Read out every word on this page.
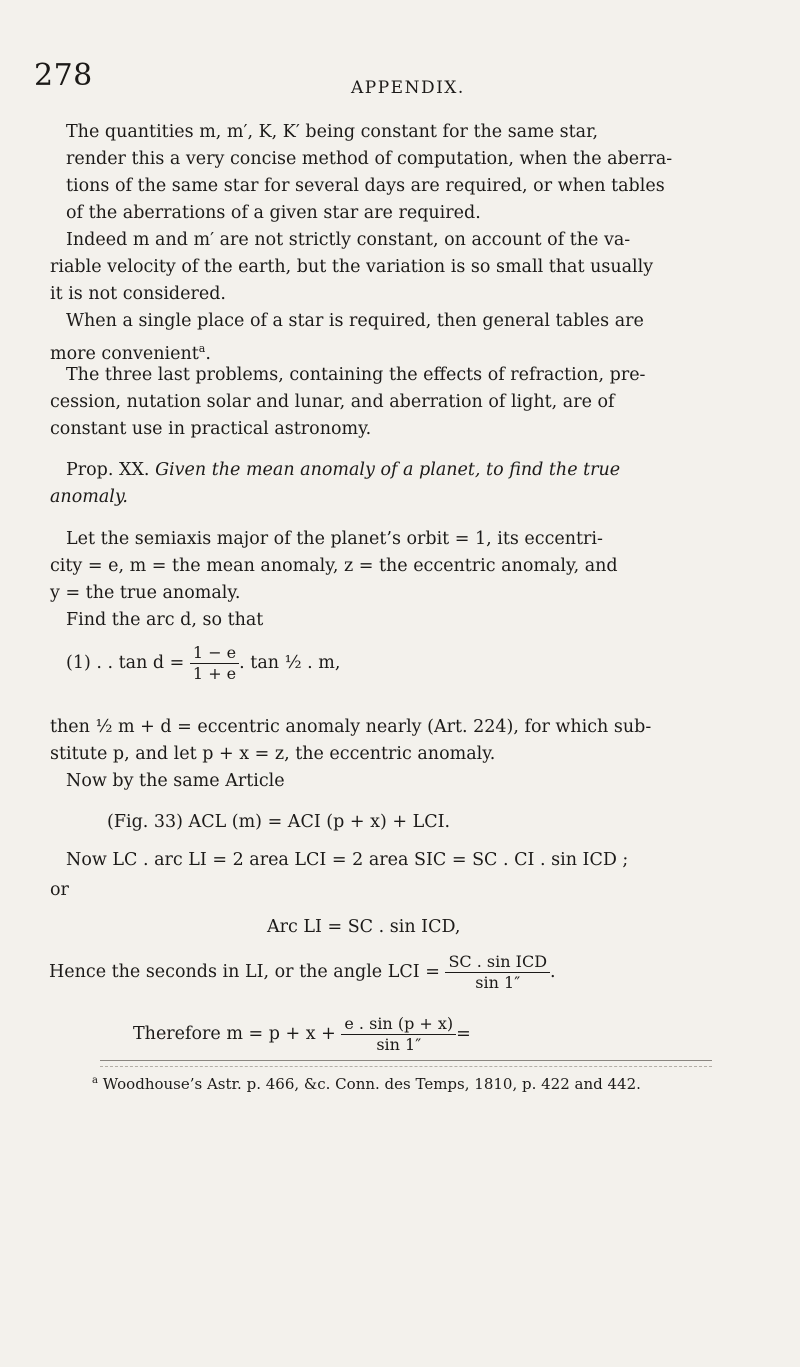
278	APPENDIX.
The quantities m, m′, K, K′ being constant for the same star,
render this a very concise method of computation, when the aberra-
tions of the same star for several days are required, or when tables
of the aberrations of a given star are required.
Indeed m and m′ are not strictly constant, on account of the va-
riable velocity of the earth, but the variation is so small that usually
it is not considered.
When a single place of a star is required, then general tables are
more convenient$^a$.
The three last problems, containing the effects of refraction, pre-
cession, nutation solar and lunar, and aberration of light, are of
constant use in practical astronomy.
Prop. XX. Given the mean anomaly of a planet, to find the true
anomaly.
Let the semiaxis major of the planet’s orbit = 1, its eccentri-
city = e, m = the mean anomaly, z = the eccentric anomaly, and
y = the true anomaly.
Find the arc d, so that
(1) . . $\tan d = \frac{1 - e}{1 + e}$ . tan ½ . m,
then ½ m + d = eccentric anomaly nearly (Art. 224), for which sub-
stitute p, and let p + x = z, the eccentric anomaly.
Now by the same Article
(Fig. 33) ACL (m) = ACI (p + x) + LCI.
Now LC . arc LI = 2 area LCI = 2 area SIC = SC . CI . sin ICD ;
or
Arc LI = SC . sin ICD,
Hence the seconds in LI, or the angle LCI = $\frac{\text{SC . sin ICD}}{\sin 1''}$ .
Therefore $m = p + x + \frac{e . \sin (p + x)}{\sin 1''}$ =
$^a$ Woodhouse’s Astr. p. 466, &c. Conn. des Temps, 1810, p. 422 and 442.
